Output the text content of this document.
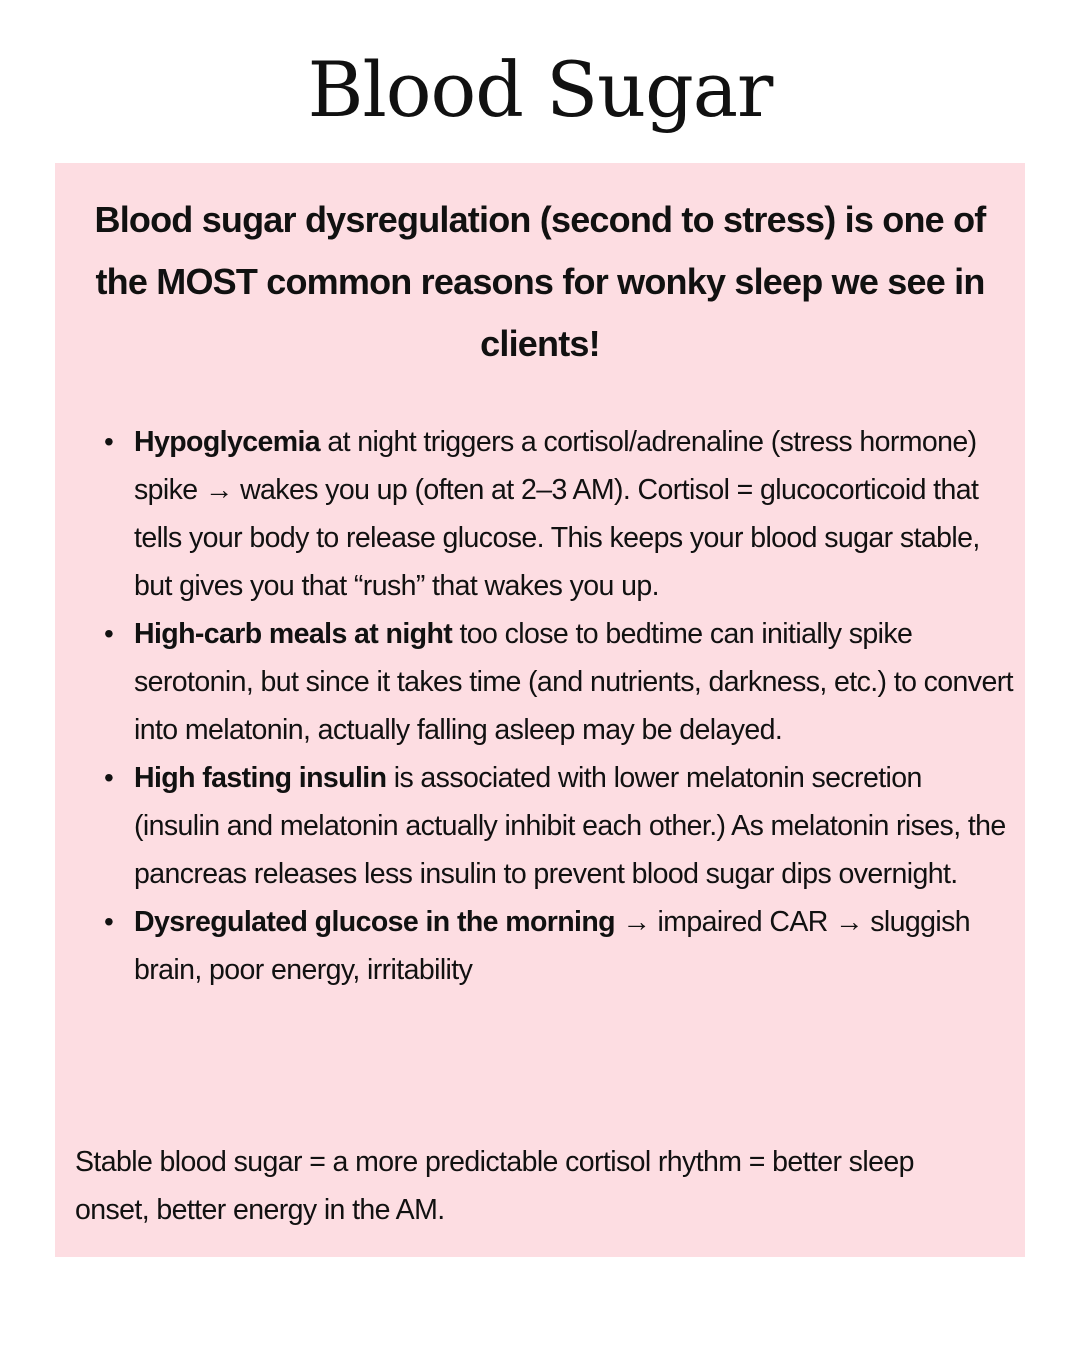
Blood Sugar

Blood sugar dysregulation (second to stress) is one of the MOST common reasons for wonky sleep we see in clients!

• Hypoglycemia at night triggers a cortisol/adrenaline (stress hormone) spike → wakes you up (often at 2–3 AM). Cortisol = glucocorticoid that tells your body to release glucose. This keeps your blood sugar stable, but gives you that “rush” that wakes you up.
• High-carb meals at night too close to bedtime can initially spike serotonin, but since it takes time (and nutrients, darkness, etc.) to convert into melatonin, actually falling asleep may be delayed.
• High fasting insulin is associated with lower melatonin secretion (insulin and melatonin actually inhibit each other.) As melatonin rises, the pancreas releases less insulin to prevent blood sugar dips overnight.
• Dysregulated glucose in the morning → impaired CAR → sluggish brain, poor energy, irritability

Stable blood sugar = a more predictable cortisol rhythm = better sleep onset, better energy in the AM.
